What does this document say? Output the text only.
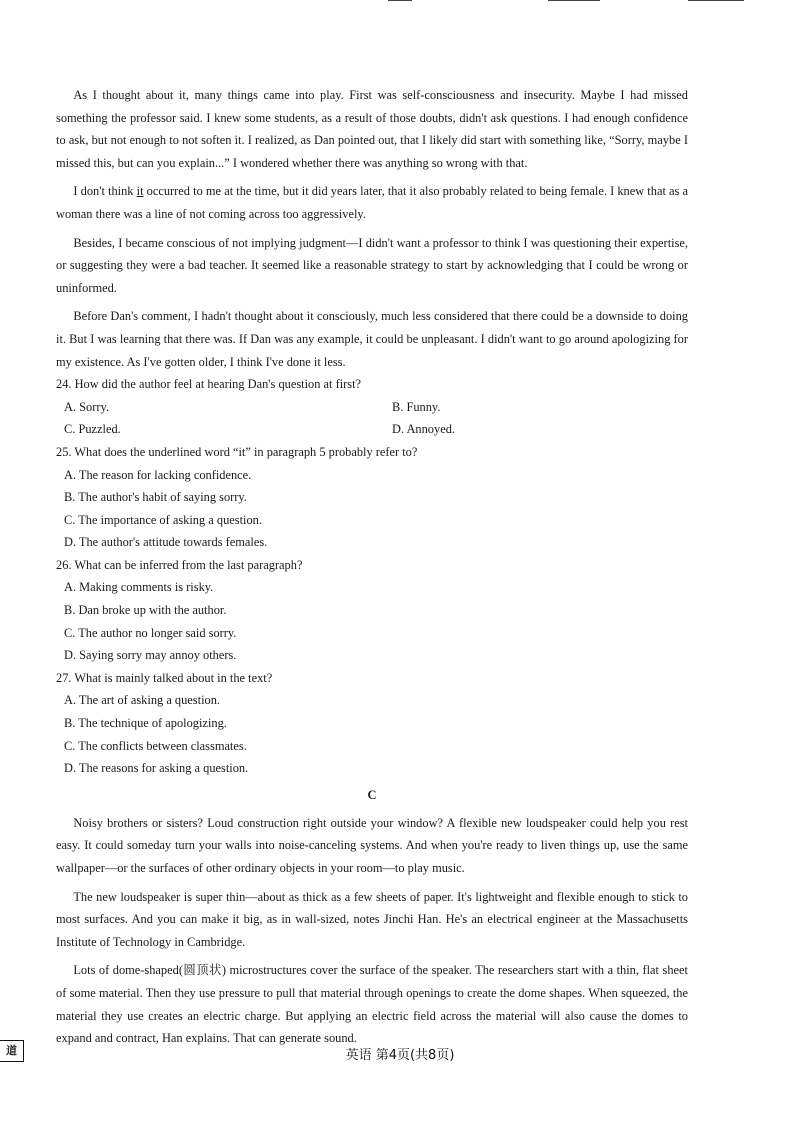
As I thought about it, many things came into play. First was self-consciousness and insecurity. Maybe I had missed something the professor said. I knew some students, as a result of those doubts, didn't ask questions. I had enough confidence to ask, but not enough to not soften it. I realized, as Dan pointed out, that I likely did start with something like, “Sorry, maybe I missed this, but can you explain...” I wondered whether there was anything so wrong with that.

I don't think it occurred to me at the time, but it did years later, that it also probably related to being female. I knew that as a woman there was a line of not coming across too aggressively.

Besides, I became conscious of not implying judgment—I didn't want a professor to think I was questioning their expertise, or suggesting they were a bad teacher. It seemed like a reasonable strategy to start by acknowledging that I could be wrong or uninformed.

Before Dan's comment, I hadn't thought about it consciously, much less considered that there could be a downside to doing it. But I was learning that there was. If Dan was any example, it could be unpleasant. I didn't want to go around apologizing for my existence. As I've gotten older, I think I've done it less.

24. How did the author feel at hearing Dan's question at first?
A. Sorry.	B. Funny.
C. Puzzled.	D. Annoyed.
25. What does the underlined word “it” in paragraph 5 probably refer to?
A. The reason for lacking confidence.
B. The author's habit of saying sorry.
C. The importance of asking a question.
D. The author's attitude towards females.
26. What can be inferred from the last paragraph?
A. Making comments is risky.
B. Dan broke up with the author.
C. The author no longer said sorry.
D. Saying sorry may annoy others.
27. What is mainly talked about in the text?
A. The art of asking a question.
B. The technique of apologizing.
C. The conflicts between classmates.
D. The reasons for asking a question.
C

Noisy brothers or sisters? Loud construction right outside your window? A flexible new loudspeaker could help you rest easy. It could someday turn your walls into noise-canceling systems. And when you're ready to liven things up, use the same wallpaper—or the surfaces of other ordinary objects in your room—to play music.

The new loudspeaker is super thin—about as thick as a few sheets of paper. It's lightweight and flexible enough to stick to most surfaces. And you can make it big, as in wall-sized, notes Jinchi Han. He's an electrical engineer at the Massachusetts Institute of Technology in Cambridge.

Lots of dome-shaped(圆顶状) microstructures cover the surface of the speaker. The researchers start with a thin, flat sheet of some material. Then they use pressure to pull that material through openings to create the dome shapes. When squeezed, the material they use creates an electric charge. But applying an electric field across the material will also cause the domes to expand and contract, Han explains. That can generate sound.

道	英语 第4页(共8页)
